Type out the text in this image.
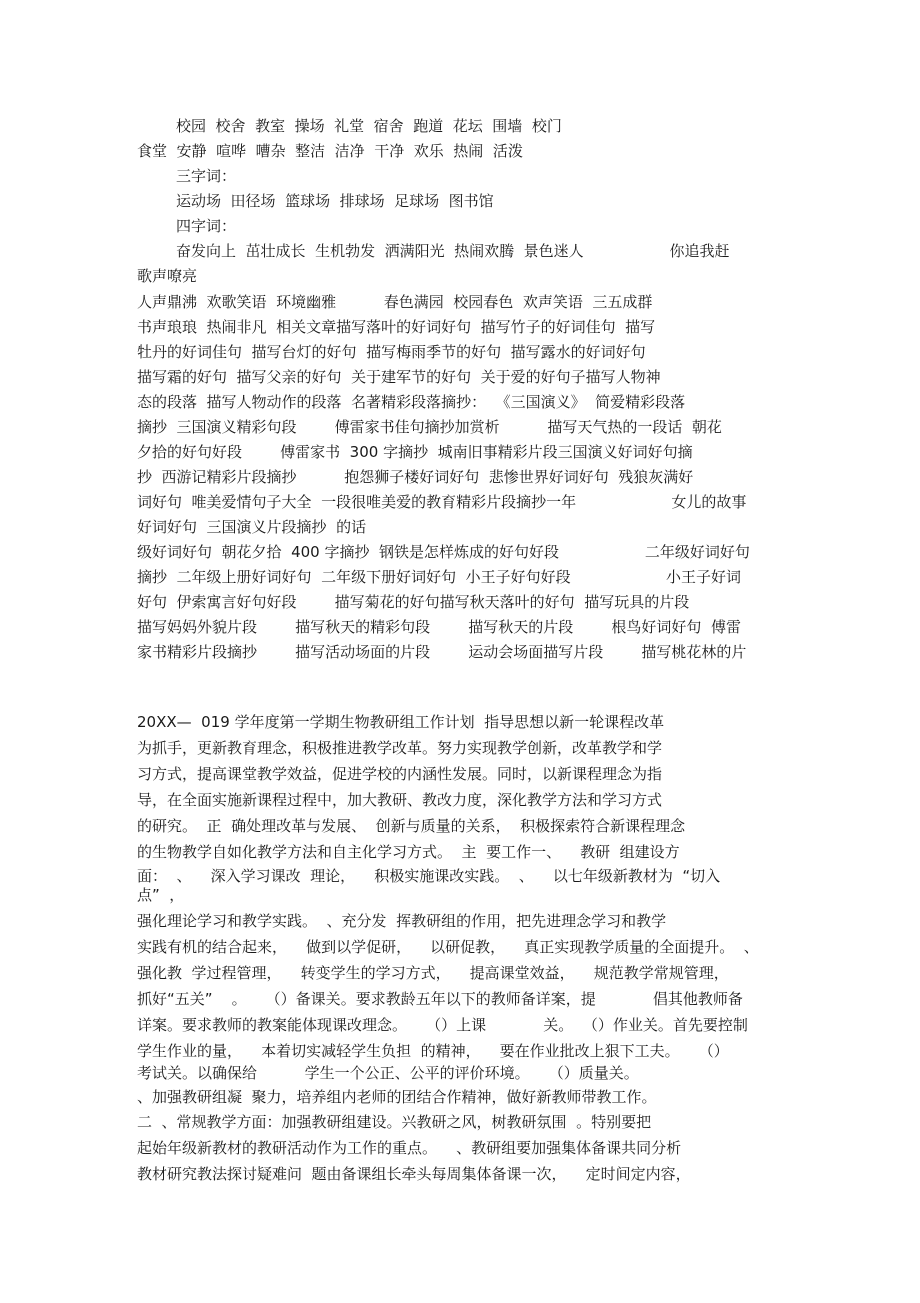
校园  校舍  教室  操场  礼堂  宿舍  跑道  花坛  围墙  校门

食堂  安静  喧哗  嘈杂  整洁  洁净  干净  欢乐  热闹  活泼

三字词：

运动场  田径场  篮球场  排球场  足球场  图书馆

四字词：

奋发向上  茁壮成长  生机勃发  洒满阳光  热闹欢腾  景色迷人                  你追我赶

歌声嘹亮

人声鼎沸  欢歌笑语  环境幽雅          春色满园  校园春色  欢声笑语  三五成群

书声琅琅  热闹非凡  相关文章描写落叶的好词好句  描写竹子的好词佳句  描写

牡丹的好词佳句  描写台灯的好句  描写梅雨季节的好句  描写露水的好词好句

描写霜的好句  描写父亲的好句  关于建军节的好句  关于爱的好句子描写人物神

态的段落  描写人物动作的段落  名著精彩段落摘抄：  《三国演义》  简爱精彩段落

摘抄  三国演义精彩句段        傅雷家书佳句摘抄加赏析          描写天气热的一段话  朝花

夕拾的好句好段        傅雷家书  300 字摘抄  城南旧事精彩片段三国演义好词好句摘

抄  西游记精彩片段摘抄          抱怨狮子楼好词好句  悲惨世界好词好句  残狼灰满好

词好句  唯美爱情句子大全  一段很唯美爱的教育精彩片段摘抄一年                    女儿的故事

好词好句  三国演义片段摘抄  的话

级好词好句  朝花夕拾  400 字摘抄  钢铁是怎样炼成的好句好段                  二年级好词好句

摘抄  二年级上册好词好句  二年级下册好词好句  小王子好句好段                    小王子好词

好句  伊索寓言好句好段        描写菊花的好句描写秋天落叶的好句  描写玩具的片段

描写妈妈外貌片段        描写秋天的精彩句段        描写秋天的片段        根鸟好词好句  傅雷

家书精彩片段摘抄        描写活动场面的片段        运动会场面描写片段        描写桃花林的片

20XX—  019 学年度第一学期生物教研组工作计划  指导思想以新一轮课程改革

为抓手，更新教育理念，积极推进教学改革。努力实现教学创新，改革教学和学

习方式，提高课堂教学效益，促进学校的内涵性发展。同时，以新课程理念为指

导，在全面实施新课程过程中，加大教研、教改力度，深化教学方法和学习方式

的研究。  正  确处理改革与发展、  创新与质量的关系，  积极探索符合新课程理念

的生物教学自如化教学方法和自主化学习方式。  主  要工作一、    教研  组建设方

面：  、    深入学习课改  理论，    积极实施课改实践。  、    以七年级新教材为  “切入

点”  ，

强化理论学习和教学实践。  、充分发  挥教研组的作用，把先进理念学习和教学

实践有机的结合起来，    做到以学促研，    以研促教，    真正实现教学质量的全面提升。  、

强化教  学过程管理，    转变学生的学习方式，    提高课堂效益，    规范教学常规管理，

抓好“五关”    。    （）备课关。要求教龄五年以下的教师备详案，提            倡其他教师备

详案。要求教师的教案能体现课改理念。    （）上课            关。  （）作业关。首先要控制

学生作业的量，    本着切实减轻学生负担  的精神，    要在作业批改上狠下工夫。    （）

考试关。以确保给          学生一个公正、公平的评价环境。    （）质量关。

、加强教研组凝  聚力，培养组内老师的团结合作精神，做好新教师带教工作。

二  、常规教学方面：加强教研组建设。兴教研之风，树教研氛围  。特别要把

起始年级新教材的教研活动作为工作的重点。    、教研组要加强集体备课共同分析

教材研究教法探讨疑难问  题由备课组长牵头每周集体备课一次，    定时间定内容，
